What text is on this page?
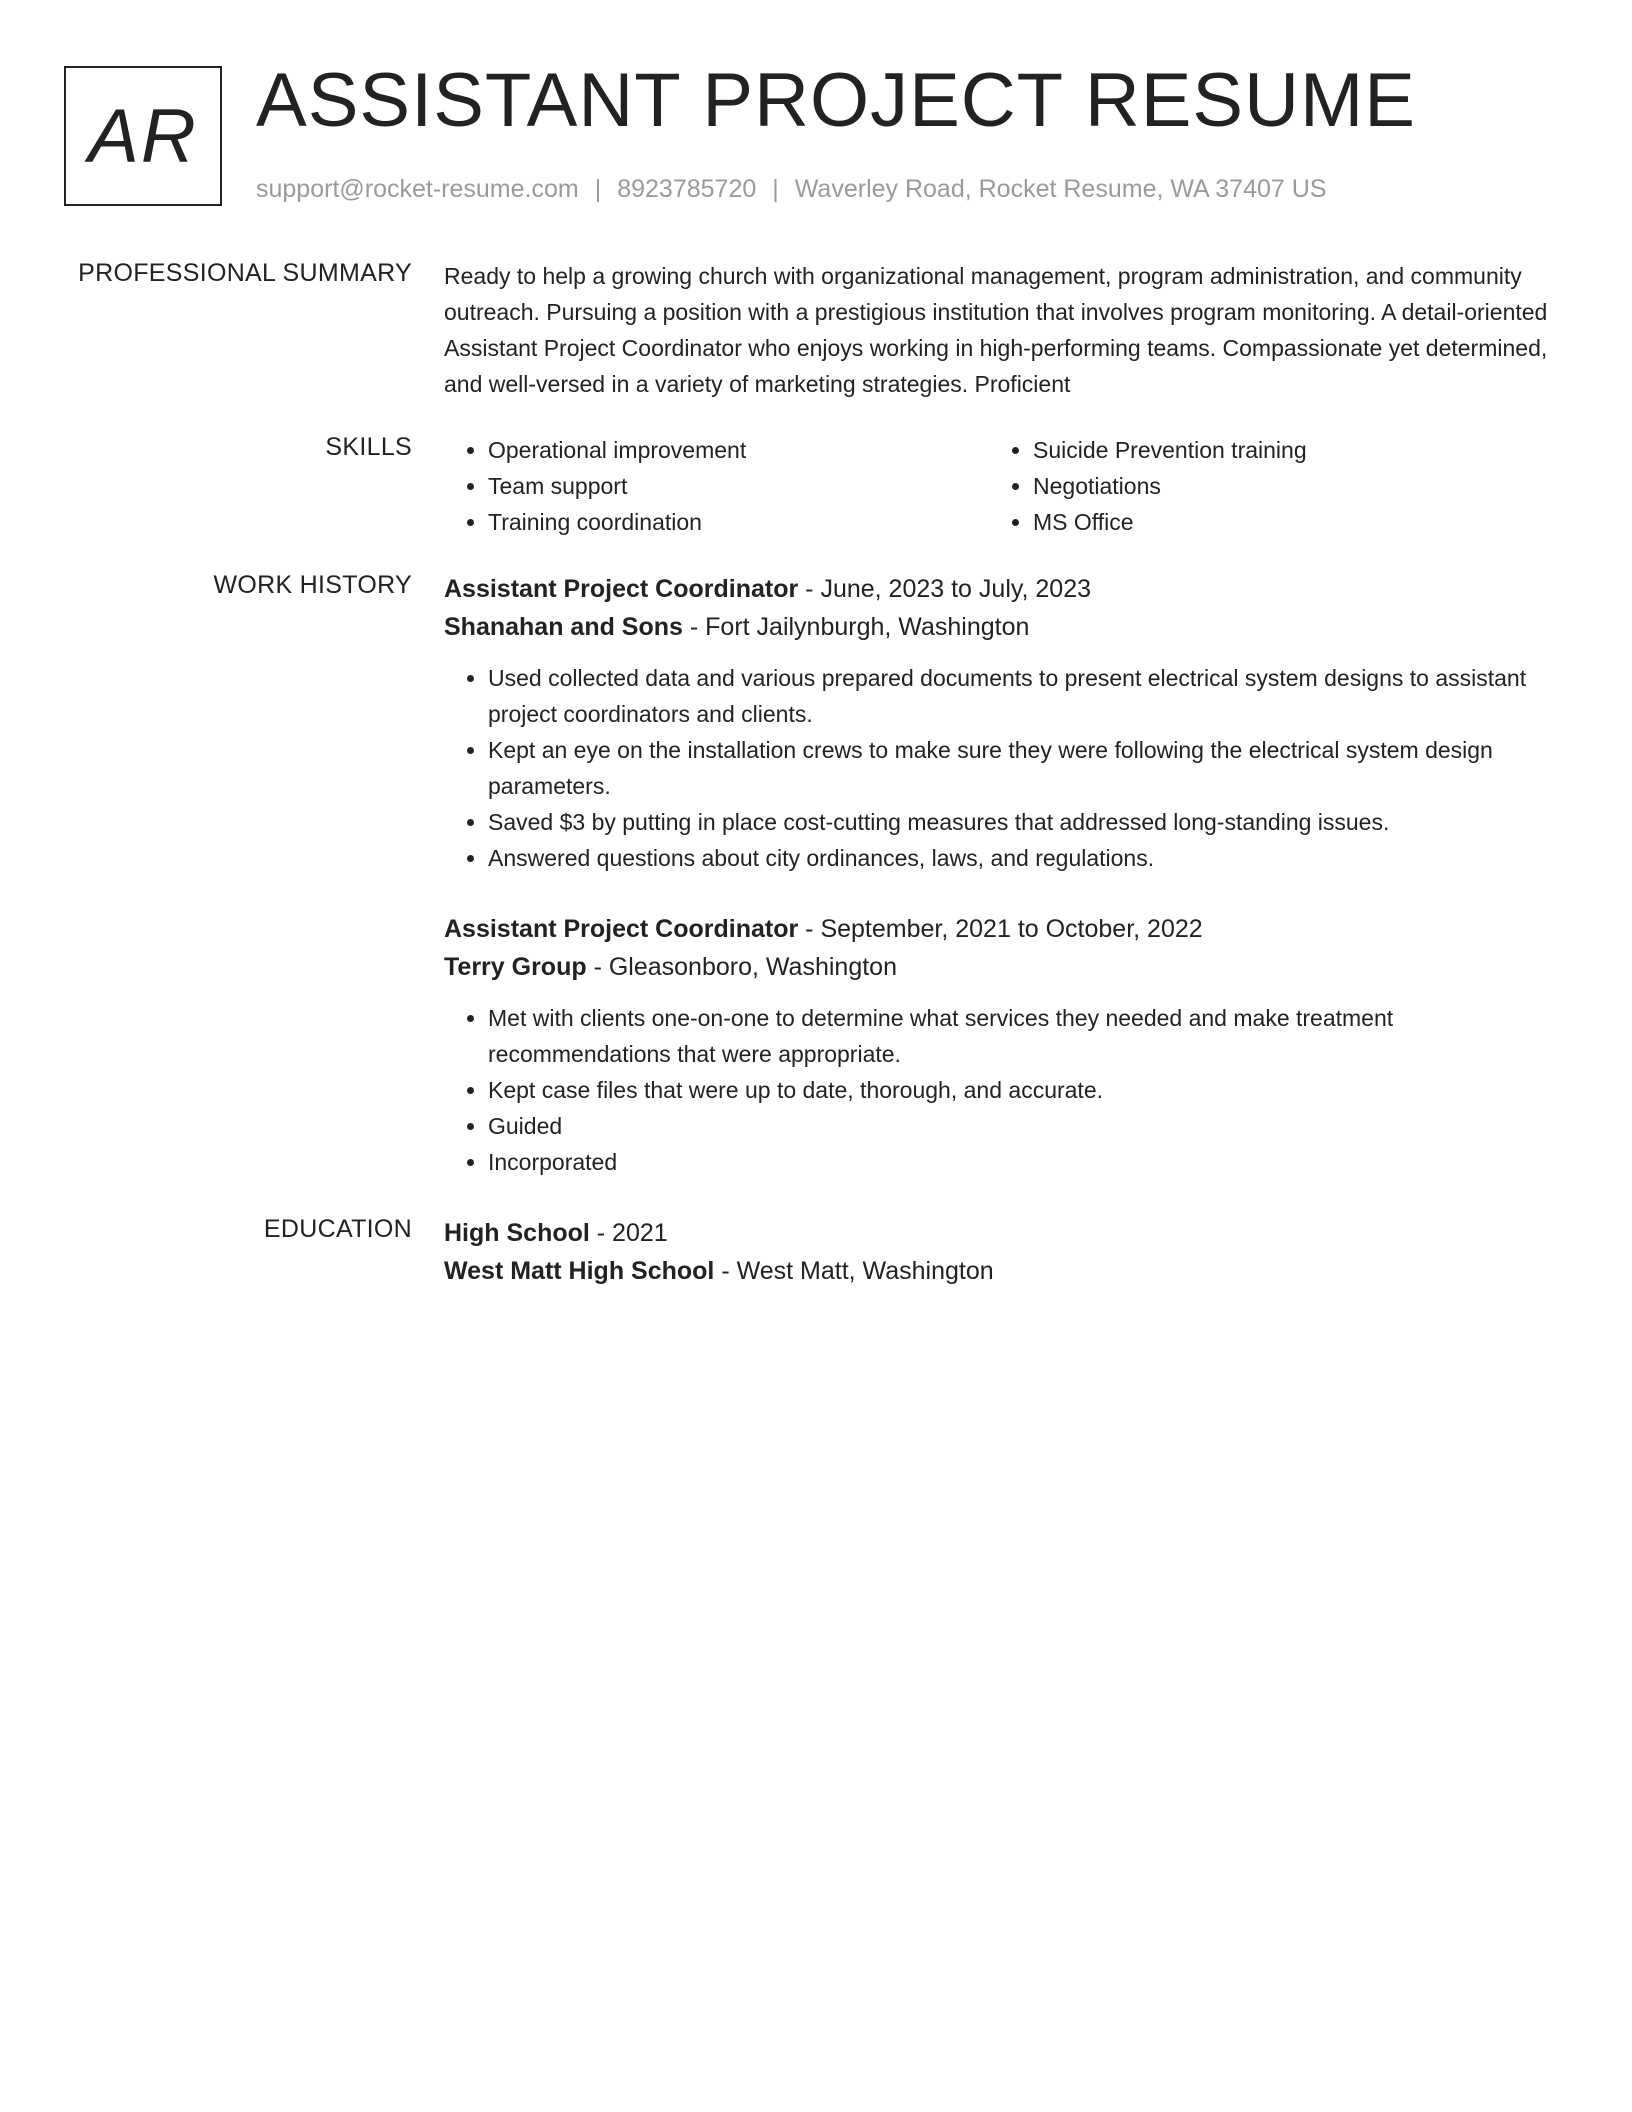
AR ASSISTANT PROJECT RESUME
support@rocket-resume.com | 8923785720 | Waverley Road, Rocket Resume, WA 37407 US
PROFESSIONAL SUMMARY Ready to help a growing church with organizational management, program administration, and community outreach. Pursuing a position with a prestigious institution that involves program monitoring. A detail-oriented Assistant Project Coordinator who enjoys working in high-performing teams. Compassionate yet determined, and well-versed in a variety of marketing strategies. Proficient
SKILLS
•	Operational improvement
• Team support
• Training coordination
• Suicide Prevention training
• Negotiations
• MS Office
WORK HISTORY Assistant Project Coordinator - June, 2023 to July, 2023
Shanahan and Sons - Fort Jailynburgh, Washington
• Used collected data and various prepared documents to present electrical system designs to assistant project coordinators and clients.
• Kept an eye on the installation crews to make sure they were following the electrical system design parameters.
• Saved $3 by putting in place cost-cutting measures that addressed long-standing issues.
• Answered questions about city ordinances, laws, and regulations.
Assistant Project Coordinator - September, 2021 to October, 2022
Terry Group - Gleasonboro, Washington
• Met with clients one-on-one to determine what services they needed and make treatment recommendations that were appropriate.
• Kept case files that were up to date, thorough, and accurate.
• Guided
• Incorporated
EDUCATION High School - 2021
West Matt High School - West Matt, Washington
